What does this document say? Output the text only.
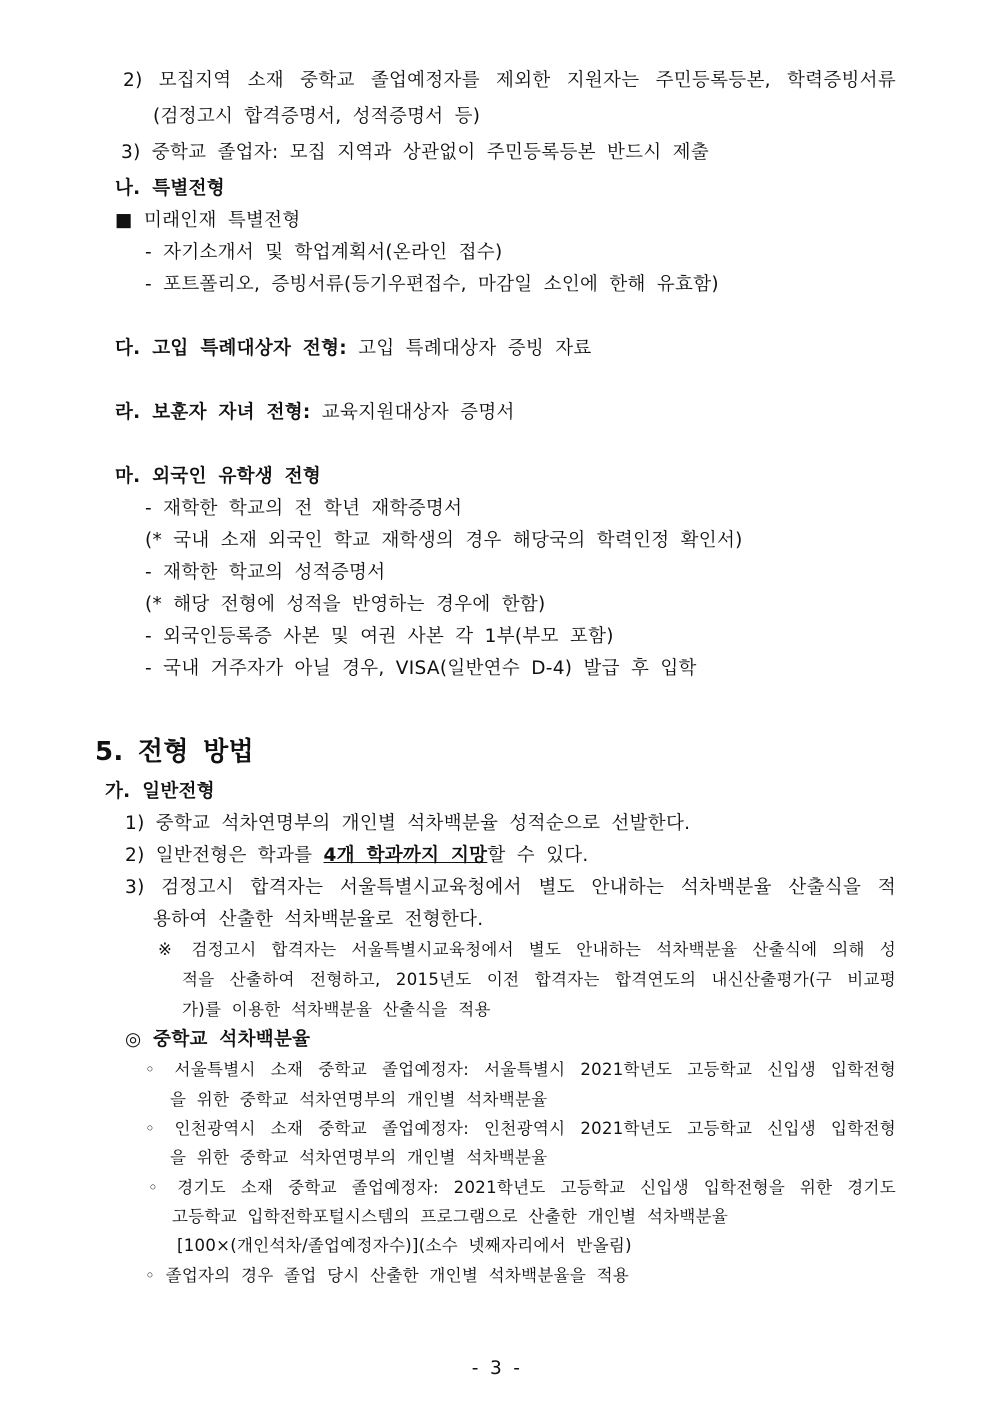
2) 모집지역 소재 중학교 졸업예정자를 제외한 지원자는 주민등록등본, 학력증빙서류
(검정고시 합격증명서, 성적증명서 등)
3) 중학교 졸업자: 모집 지역과 상관없이 주민등록등본 반드시 제출
나. 특별전형
■ 미래인재 특별전형
- 자기소개서 및 학업계획서(온라인 접수)
- 포트폴리오, 증빙서류(등기우편접수, 마감일 소인에 한해 유효함)
다. 고입 특례대상자 전형: 고입 특례대상자 증빙 자료
라. 보훈자 자녀 전형: 교육지원대상자 증명서
마. 외국인 유학생 전형
- 재학한 학교의 전 학년 재학증명서
(* 국내 소재 외국인 학교 재학생의 경우 해당국의 학력인정 확인서)
- 재학한 학교의 성적증명서
(* 해당 전형에 성적을 반영하는 경우에 한함)
- 외국인등록증 사본 및 여권 사본 각 1부(부모 포함)
- 국내 거주자가 아닐 경우, VISA(일반연수 D-4) 발급 후 입학
5. 전형 방법
가. 일반전형
1) 중학교 석차연명부의 개인별 석차백분율 성적순으로 선발한다.
2) 일반전형은 학과를 4개 학과까지 지망할 수 있다.
3) 검정고시 합격자는 서울특별시교육청에서 별도 안내하는 석차백분율 산출식을 적
용하여 산출한 석차백분율로 전형한다.
※ 검정고시 합격자는 서울특별시교육청에서 별도 안내하는 석차백분율 산출식에 의해 성
적을 산출하여 전형하고, 2015년도 이전 합격자는 합격연도의 내신산출평가(구 비교평
가)를 이용한 석차백분율 산출식을 적용
◎ 중학교 석차백분율
◦ 서울특별시 소재 중학교 졸업예정자: 서울특별시 2021학년도 고등학교 신입생 입학전형
을 위한 중학교 석차연명부의 개인별 석차백분율
◦ 인천광역시 소재 중학교 졸업예정자: 인천광역시 2021학년도 고등학교 신입생 입학전형
을 위한 중학교 석차연명부의 개인별 석차백분율
◦ 경기도 소재 중학교 졸업예정자: 2021학년도 고등학교 신입생 입학전형을 위한 경기도
고등학교 입학전학포털시스템의 프로그램으로 산출한 개인별 석차백분율
[100×(개인석차/졸업예정자수)](소수 넷째자리에서 반올림)
◦ 졸업자의 경우 졸업 당시 산출한 개인별 석차백분율을 적용
- 3 -
